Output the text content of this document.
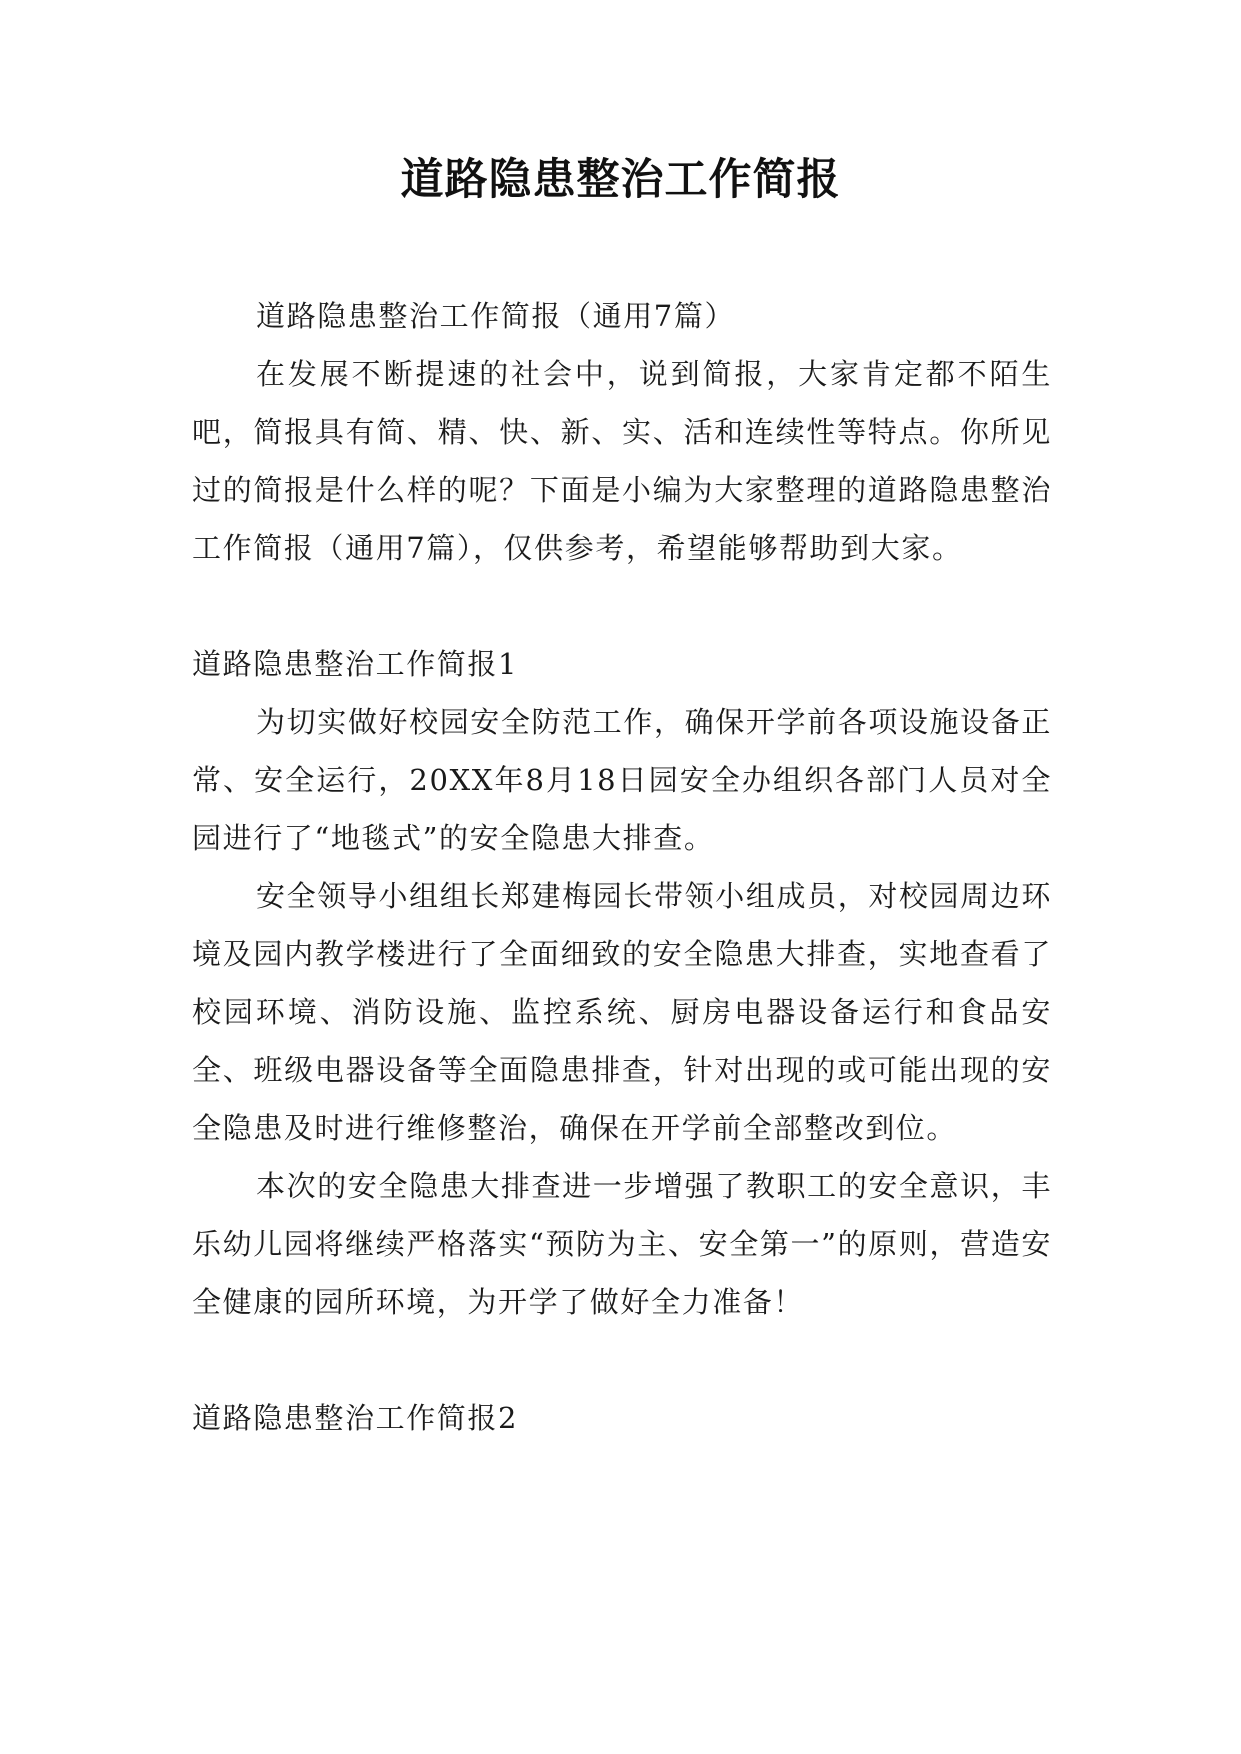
道路隐患整治工作简报

道路隐患整治工作简报（通用7篇）

在发展不断提速的社会中，说到简报，大家肯定都不陌生吧，简报具有简、精、快、新、实、活和连续性等特点。你所见过的简报是什么样的呢？下面是小编为大家整理的道路隐患整治工作简报（通用7篇），仅供参考，希望能够帮助到大家。

道路隐患整治工作简报1

为切实做好校园安全防范工作，确保开学前各项设施设备正常、安全运行，20XX年8月18日园安全办组织各部门人员对全园进行了“地毯式”的安全隐患大排查。

安全领导小组组长郑建梅园长带领小组成员，对校园周边环境及园内教学楼进行了全面细致的安全隐患大排查，实地查看了校园环境、消防设施、监控系统、厨房电器设备运行和食品安全、班级电器设备等全面隐患排查，针对出现的或可能出现的安全隐患及时进行维修整治，确保在开学前全部整改到位。

本次的安全隐患大排查进一步增强了教职工的安全意识，丰乐幼儿园将继续严格落实“预防为主、安全第一”的原则，营造安全健康的园所环境，为开学了做好全力准备！

道路隐患整治工作简报2
